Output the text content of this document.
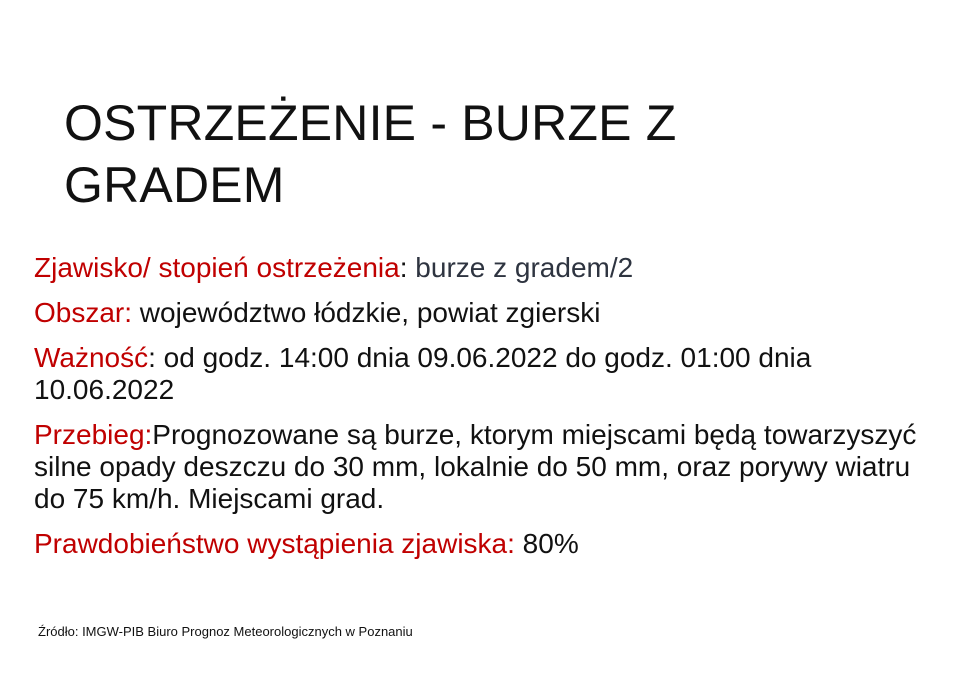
OSTRZEŻENIE - BURZE Z GRADEM
Zjawisko/ stopień ostrzeżenia: burze z gradem/2
Obszar: województwo łódzkie, powiat zgierski
Ważność: od godz. 14:00 dnia 09.06.2022 do godz. 01:00 dnia 10.06.2022
Przebieg:Prognozowane są burze, ktorym miejscami będą towarzyszyć silne opady deszczu do 30 mm, lokalnie do 50 mm, oraz porywy wiatru do 75 km/h. Miejscami grad.
Prawdobieństwo wystąpienia zjawiska: 80%
Źródło: IMGW-PIB Biuro Prognoz Meteorologicznych w Poznaniu
